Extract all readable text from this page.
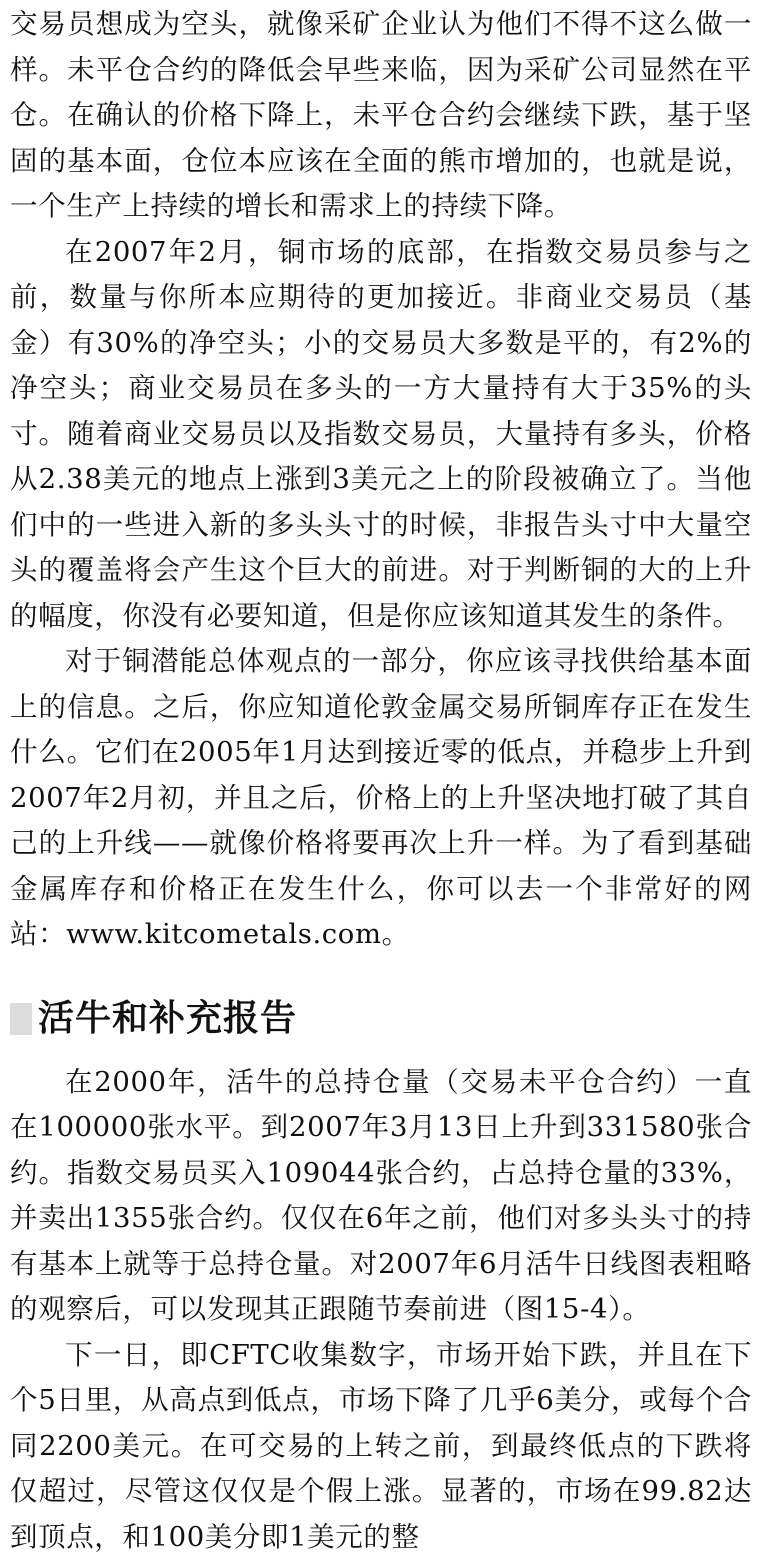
交易员想成为空头，就像采矿企业认为他们不得不这么做一样。未平仓合约的降低会早些来临，因为采矿公司显然在平仓。在确认的价格下降上，未平仓合约会继续下跌，基于坚固的基本面，仓位本应该在全面的熊市增加的，也就是说，一个生产上持续的增长和需求上的持续下降。

在2007年2月，铜市场的底部，在指数交易员参与之前，数量与你所本应期待的更加接近。非商业交易员（基金）有30%的净空头；小的交易员大多数是平的，有2%的净空头；商业交易员在多头的一方大量持有大于35%的头寸。随着商业交易员以及指数交易员，大量持有多头，价格从2.38美元的地点上涨到3美元之上的阶段被确立了。当他们中的一些进入新的多头头寸的时候，非报告头寸中大量空头的覆盖将会产生这个巨大的前进。对于判断铜的大的上升的幅度，你没有必要知道，但是你应该知道其发生的条件。

对于铜潜能总体观点的一部分，你应该寻找供给基本面上的信息。之后，你应知道伦敦金属交易所铜库存正在发生什么。它们在2005年1月达到接近零的低点，并稳步上升到2007年2月初，并且之后，价格上的上升坚决地打破了其自己的上升线——就像价格将要再次上升一样。为了看到基础金属库存和价格正在发生什么，你可以去一个非常好的网站：www.kitcometals.com。

活牛和补充报告

在2000年，活牛的总持仓量（交易未平仓合约）一直在100000张水平。到2007年3月13日上升到331580张合约。指数交易员买入109044张合约，占总持仓量的33%，并卖出1355张合约。仅仅在6年之前，他们对多头头寸的持有基本上就等于总持仓量。对2007年6月活牛日线图表粗略的观察后，可以发现其正跟随节奏前进（图15-4）。

下一日，即CFTC收集数字，市场开始下跌，并且在下个5日里，从高点到低点，市场下降了几乎6美分，或每个合同2200美元。在可交易的上转之前，到最终低点的下跌将仅超过，尽管这仅仅是个假上涨。显著的，市场在99.82达到顶点，和100美分即1美元的整
